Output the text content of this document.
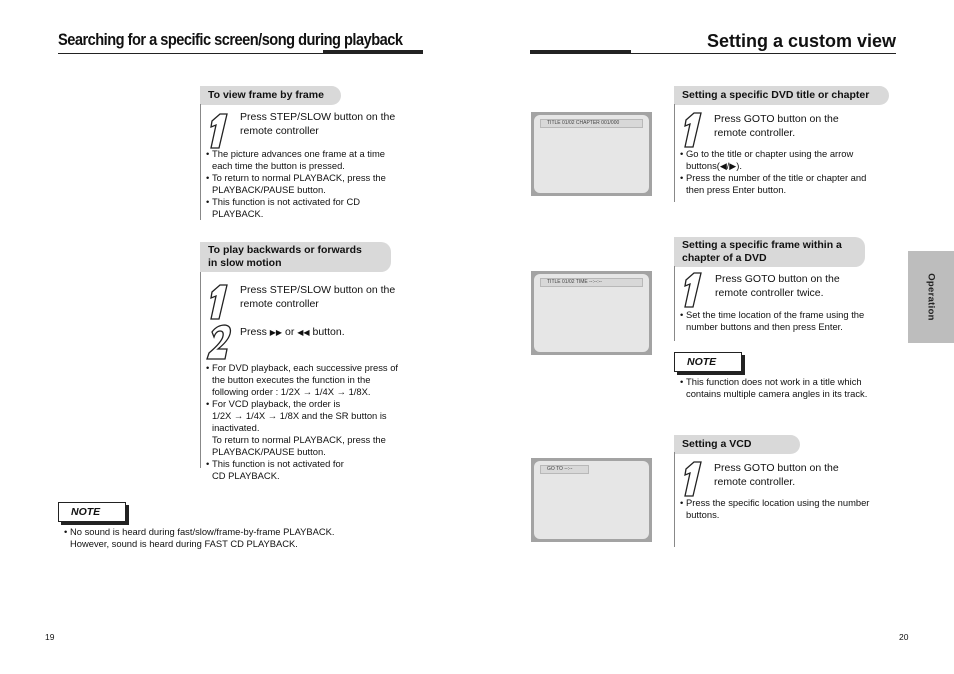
Searching for a specific screen/song during playback
To view frame by frame
Press STEP/SLOW button on the remote controller
• The picture advances one frame at a time each time the button is pressed.
• To return to normal PLAYBACK, press the PLAYBACK/PAUSE button.
• This function is not activated for CD PLAYBACK.
To play backwards or forwards
in slow motion
Press STEP/SLOW button on the remote controller
Press ▶▶ or ◀◀ button.
• For DVD playback, each successive press of
the button executes the function in the
following order : 1/2X → 1/4X → 1/8X.
• For VCD playback, the order is
1/2X → 1/4X → 1/8X and the SR button is
inactivated.
To return to normal PLAYBACK, press the
PLAYBACK/PAUSE button.
• This function is not activated for
CD PLAYBACK.
NOTE
• No sound is heard during fast/slow/frame-by-frame PLAYBACK.
However, sound is heard during FAST CD PLAYBACK.
19
Setting a custom view
TITLE 01/02 CHAPTER 001/000
TITLE 01/02 TIME --:--:--
GO TO --:--
Setting a specific DVD title or chapter
Press GOTO button on the remote controller.
• Go to the title or chapter using the arrow
buttons(◀/▶).
• Press the number of the title or chapter and then press Enter button.
Setting a specific frame within a
chapter of a DVD
Press GOTO button on the remote controller twice.
• Set the time location of the frame using the number buttons and then press Enter.
NOTE
• This function does not work in a title which contains multiple camera angles in its track.
Setting a VCD
Press GOTO button on the remote controller.
• Press the specific location using the number buttons.
Operation
20
